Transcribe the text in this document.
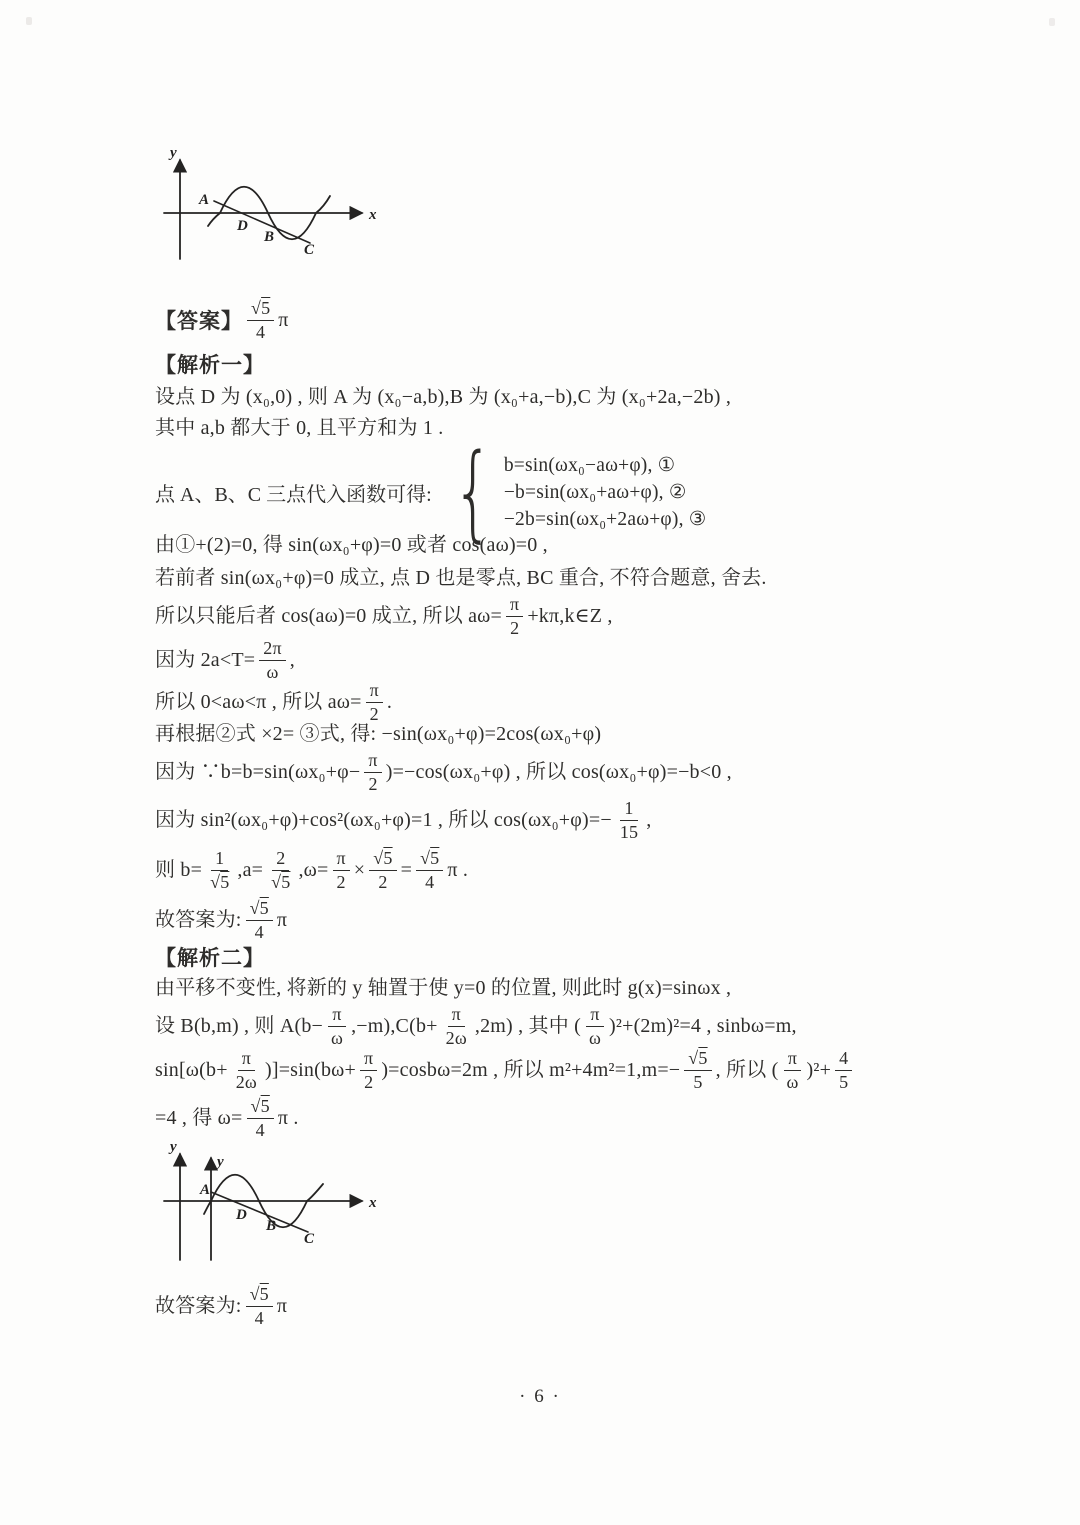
y
x
A
D
B
C
【答案】 $\frac{√5}{4}$ π
【解析一】
设点 D 为 (x₀,0) , 则 A 为 (x₀−a,b),B 为 (x₀+a,−b),C 为 (x₀+2a,−2b) ,
其中 a,b 都大于 0, 且平方和为 1 .
点 A、B、C 三点代入函数可得: { b=sin(ωx₀−aω+φ), ①
−b=sin(ωx₀+aω+φ), ②
−2b=sin(ωx₀+2aω+φ), ③
由①+(2)=0, 得 sin(ωx₀+φ)=0 或者 cos(aω)=0 ,
若前者 sin(ωx₀+φ)=0 成立, 点 D 也是零点, BC 重合, 不符合题意, 舍去.
所以只能后者 cos(aω)=0 成立, 所以 $a\omega= \frac{\pi}{2}$ +kπ,k∈Z ,
因为 $2a<T= \frac{2\pi}{\omega}$ ,
所以 0<aω<π , 所以 $a\omega= \frac{\pi}{2}$ .
再根据②式 ×2= ③式, 得: −sin(ωx₀+φ)=2cos(ωx₀+φ)
因为 ∵b=b=sin(ωx₀+φ− $\frac{\pi}{2} )=-\cos(\omega x_0+\varphi)$ , 所以 cos(ωx₀+φ)=−b<0 ,
因为 sin²(ωx₀+φ)+cos²(ωx₀+φ)=1 , 所以 $\cos(\omega x_0+\varphi)=- \frac{1}{15}$ ,
则 $b= \frac{1}{√5} ,a= \frac{2}{√5} ,\omega= \frac{\pi}{2} \times \frac{√5}{2} = \frac{√5}{4}$ π .
故答案为: $\frac{√5}{4}$ π
【解析二】
由平移不变性, 将新的 y 轴置于使 y=0 的位置, 则此时 g(x)=sinωx ,
设 B(b,m) , 则 $A(b- \frac{\pi}{\omega} ,-m),C(b+ \frac{\pi}{2\omega} ,2m)$ , 其中 ( $\frac{\pi}{\omega} )^2+(2m)^2=4$ , sinbω=m,
$\sin[\omega(b+ \frac{\pi}{2\omega} )]=\sin(b\omega+ \frac{\pi}{2} )=\cos b\omega=2m$ , 所以 $m^2+4m^2=1,m=- \frac{√5}{5}$ , 所以 ( $\frac{\pi}{\omega} )^2+ \frac{4}{5}$
=4 , 得 $\omega= \frac{√5}{4}$ π .
y
y
x
A
D
B
C
故答案为: $\frac{√5}{4}$ π
· 6 ·
